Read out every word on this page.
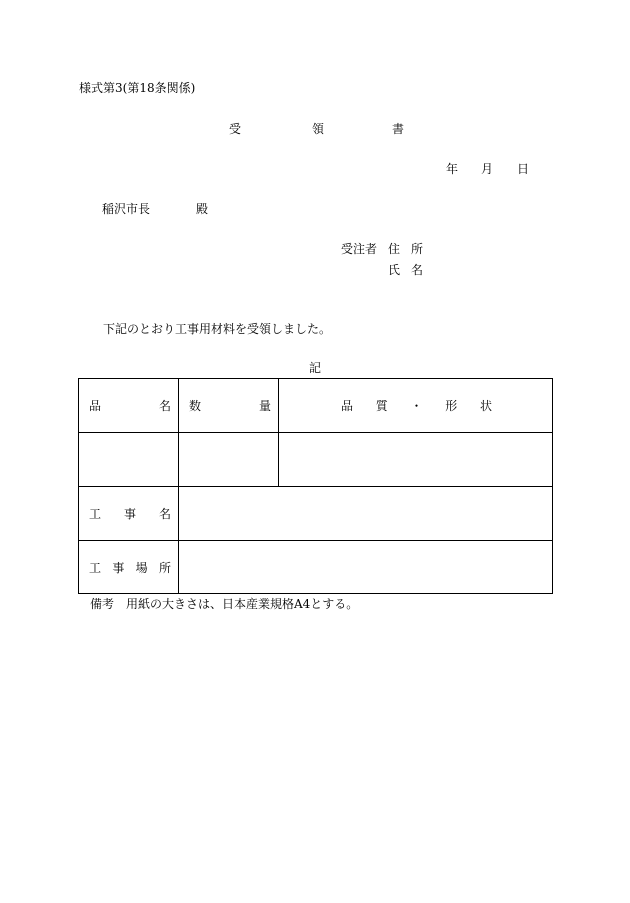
様式第3(第18条関係)
受	領	書
年 月 日
稲沢市長	殿
受注者 住 所
氏 名
下記のとおり工事用材料を受領しました。
記
品 名	数 量	品 質 ・ 形 状

工 事 名		

工 事 場 所		

備考　用紙の大きさは、日本産業規格A4とする。
